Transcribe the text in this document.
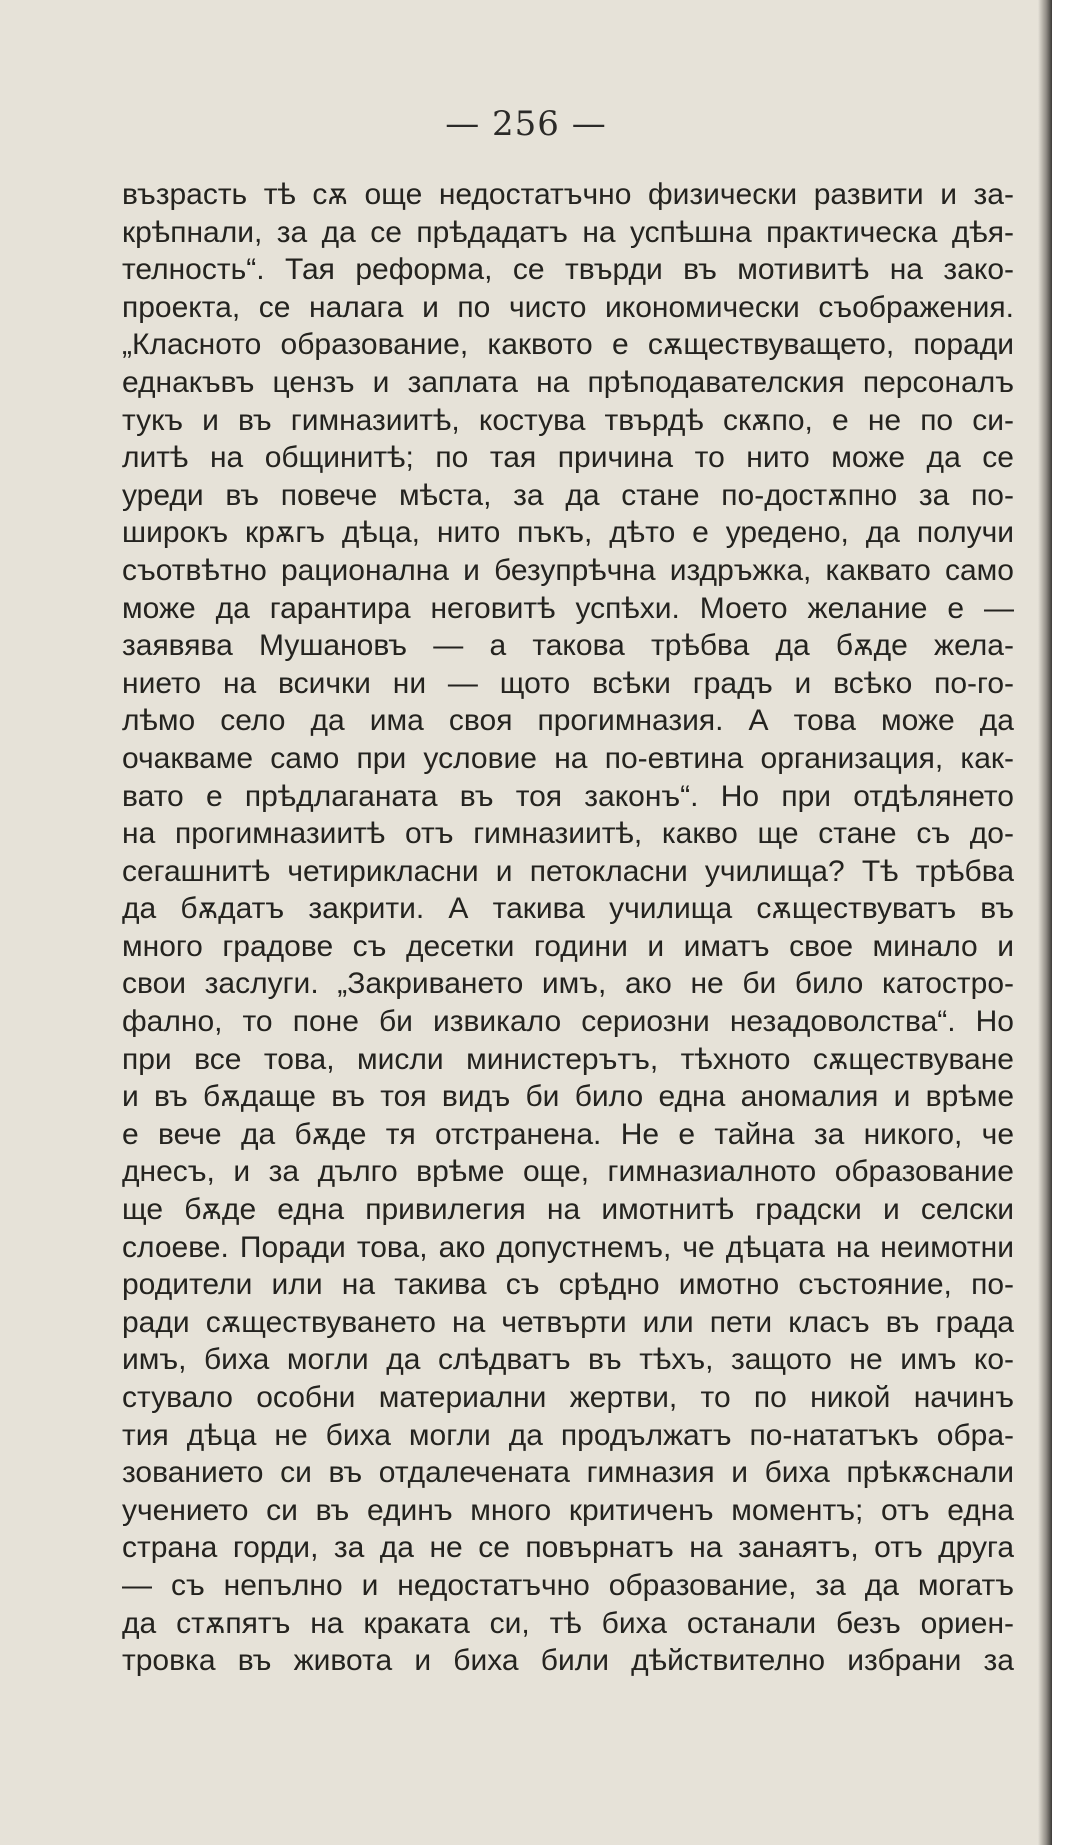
— 256 —
възрасть тѣ сѫ още недостатъчно физически развити и за-
крѣпнали, за да се прѣдадатъ на успѣшна практическа дѣя-
телность“. Тая реформа, се твърди въ мотивитѣ на зако-
проекта, се налага и по чисто икономически съображения.
„Класното образование, каквото е сѫществуващето, поради
еднакъвъ цензъ и заплата на прѣподавателския персоналъ
тукъ и въ гимназиитѣ, костува твърдѣ скѫпо, е не по си-
литѣ на общинитѣ; по тая причина то нито може да се
уреди въ повече мѣста, за да стане по-достѫпно за по-
широкъ крѫгъ дѣца, нито пъкъ, дѣто е уредено, да получи
съотвѣтно рационална и безупрѣчна издръжка, каквато само
може да гарантира неговитѣ успѣхи. Моето желание е —
заявява Мушановъ — а такова трѣбва да бѫде жела-
нието на всички ни — щото всѣки градъ и всѣко по-го-
лѣмо село да има своя прогимназия. А това може да
очакваме само при условие на по-евтина организация, как-
вато е прѣдлаганата въ тоя законъ“. Но при отдѣлянето
на прогимназиитѣ отъ гимназиитѣ, какво ще стане съ до-
сегашнитѣ четирикласни и петокласни училища? Тѣ трѣбва
да бѫдатъ закрити. А такива училища сѫществуватъ въ
много градове съ десетки години и иматъ свое минало и
свои заслуги. „Закриването имъ, ако не би било катостро-
фално, то поне би извикало сериозни незадоволства“. Но
при все това, мисли министерътъ, тѣхното сѫществуване
и въ бѫдаще въ тоя видъ би било една аномалия и врѣме
е вече да бѫде тя отстранена. Не е тайна за никого, че
днесъ, и за дълго врѣме още, гимназиалното образование
ще бѫде една привилегия на имотнитѣ градски и селски
слоеве. Поради това, ако допустнемъ, че дѣцата на неимотни
родители или на такива съ срѣдно имотно състояние, по-
ради сѫществуването на четвърти или пети класъ въ града
имъ, биха могли да слѣдватъ въ тѣхъ, защото не имъ ко-
стувало особни материални жертви, то по никой начинъ
тия дѣца не биха могли да продължатъ по-нататъкъ обра-
зованието си въ отдалечената гимназия и биха прѣкѫснали
учението си въ единъ много критиченъ моментъ; отъ една
страна горди, за да не се повърнатъ на занаятъ, отъ друга
— съ непълно и недостатъчно образование, за да могатъ
да стѫпятъ на краката си, тѣ биха останали безъ ориен-
тровка въ живота и биха били дѣйствително избрани за
